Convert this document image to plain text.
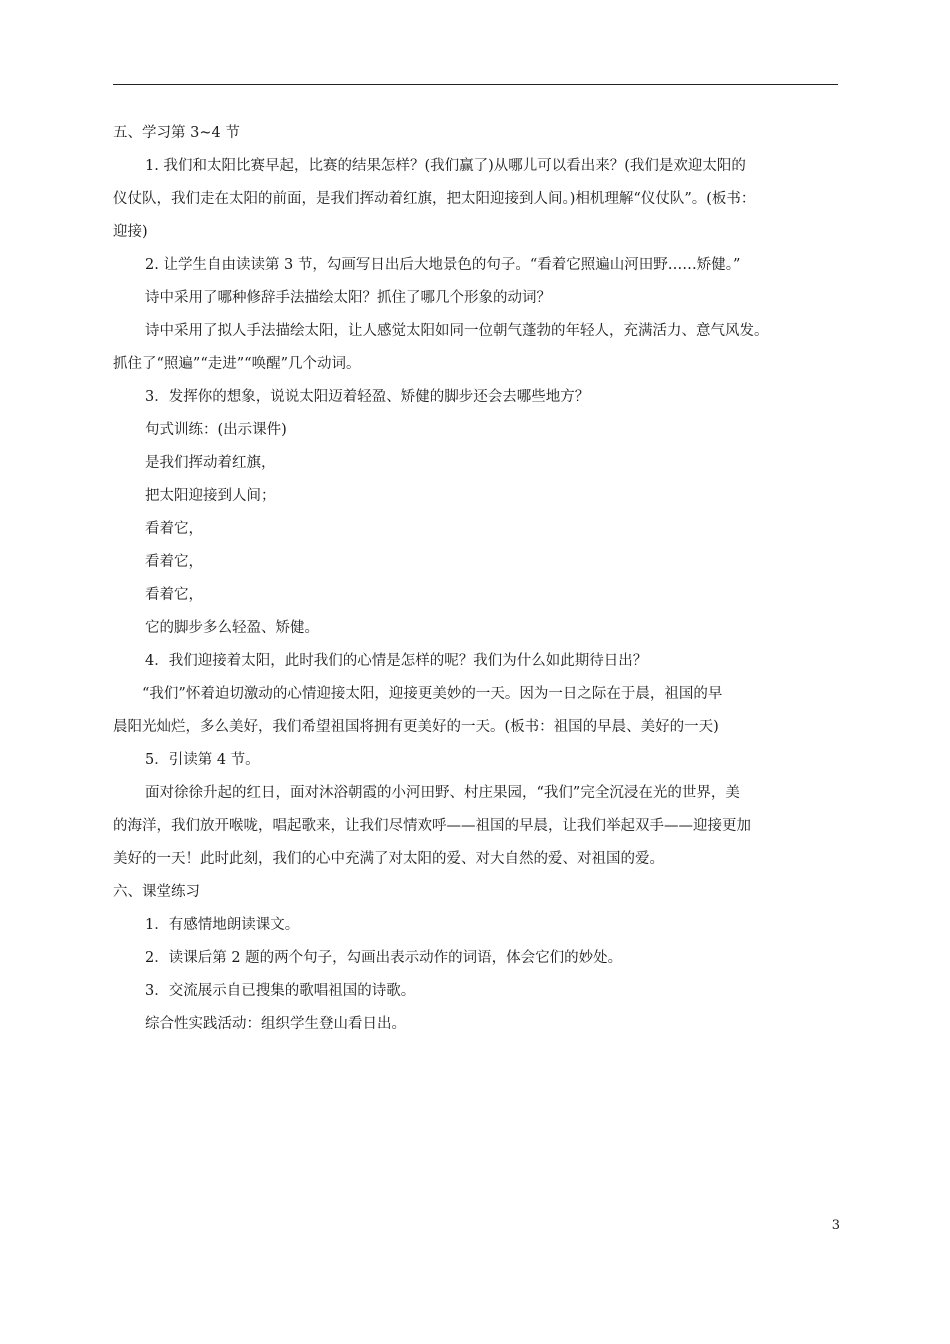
五、学习第 3~4 节
1. 我们和太阳比赛早起，比赛的结果怎样？(我们赢了)从哪儿可以看出来？(我们是欢迎太阳的
仪仗队，我们走在太阳的前面，是我们挥动着红旗，把太阳迎接到人间。)相机理解“仪仗队”。(板书：
迎接)
2. 让学生自由读读第 3 节，勾画写日出后大地景色的句子。“看着它照遍山河田野……矫健。”
诗中采用了哪种修辞手法描绘太阳？抓住了哪几个形象的动词？
诗中采用了拟人手法描绘太阳，让人感觉太阳如同一位朝气蓬勃的年轻人，充满活力、意气风发。
抓住了“照遍”“走进”“唤醒”几个动词。
3．发挥你的想象，说说太阳迈着轻盈、矫健的脚步还会去哪些地方？
句式训练：(出示课件)
是我们挥动着红旗，
把太阳迎接到人间；
看着它，
看着它，
看着它，
它的脚步多么轻盈、矫健。
4．我们迎接着太阳，此时我们的心情是怎样的呢？我们为什么如此期待日出？
“我们”怀着迫切激动的心情迎接太阳，迎接更美妙的一天。因为一日之际在于晨，祖国的早
晨阳光灿烂，多么美好，我们希望祖国将拥有更美好的一天。(板书：祖国的早晨、美好的一天)
5．引读第 4 节。
面对徐徐升起的红日，面对沐浴朝霞的小河田野、村庄果园，“我们”完全沉浸在光的世界，美
的海洋，我们放开喉咙，唱起歌来，让我们尽情欢呼——祖国的早晨，让我们举起双手——迎接更加
美好的一天！此时此刻，我们的心中充满了对太阳的爱、对大自然的爱、对祖国的爱。
六、课堂练习
1．有感情地朗读课文。
2．读课后第 2 题的两个句子，勾画出表示动作的词语，体会它们的妙处。
3．交流展示自已搜集的歌唱祖国的诗歌。
综合性实践活动：组织学生登山看日出。
3
